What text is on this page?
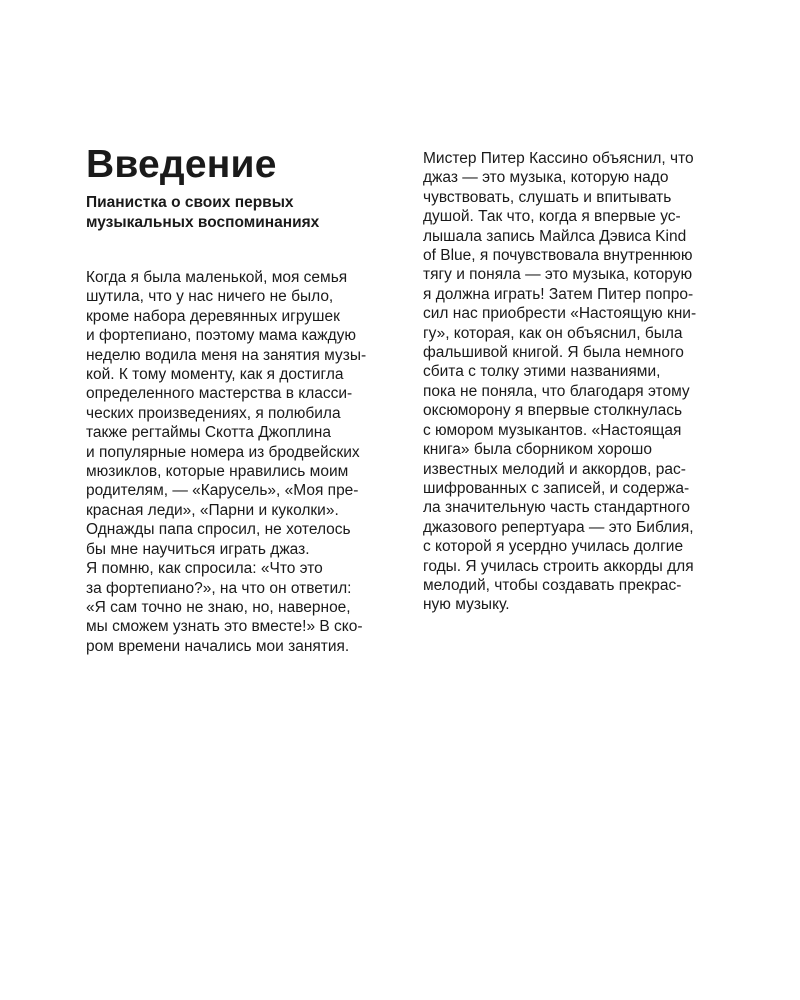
Введение
Пианистка о своих первых
музыкальных воспоминаниях

Когда я была маленькой, моя семья
шутила, что у нас ничего не было,
кроме набора деревянных игрушек
и фортепиано, поэтому мама каждую
неделю водила меня на занятия музы-
кой. К тому моменту, как я достигла
определенного мастерства в класси-
ческих произведениях, я полюбила
также регтаймы Скотта Джоплина
и популярные номера из бродвейских
мюзиклов, которые нравились моим
родителям, — «Карусель», «Моя пре-
красная леди», «Парни и куколки».
Однажды папа спросил, не хотелось
бы мне научиться играть джаз.
Я помню, как спросила: «Что это
за фортепиано?», на что он ответил:
«Я сам точно не знаю, но, наверное,
мы сможем узнать это вместе!» В ско-
ром времени начались мои занятия.

Мистер Питер Кассино объяснил, что
джаз — это музыка, которую надо
чувствовать, слушать и впитывать
душой. Так что, когда я впервые ус-
лышала запись Майлса Дэвиса Kind
of Blue, я почувствовала внутреннюю
тягу и поняла — это музыка, которую
я должна играть! Затем Питер попро-
сил нас приобрести «Настоящую кни-
гу», которая, как он объяснил, была
фальшивой книгой. Я была немного
сбита с толку этими названиями,
пока не поняла, что благодаря этому
оксюморону я впервые столкнулась
с юмором музыкантов. «Настоящая
книга» была сборником хорошо
известных мелодий и аккордов, рас-
шифрованных с записей, и содержа-
ла значительную часть стандартного
джазового репертуара — это Библия,
с которой я усердно училась долгие
годы. Я училась строить аккорды для
мелодий, чтобы создавать прекрас-
ную музыку.
